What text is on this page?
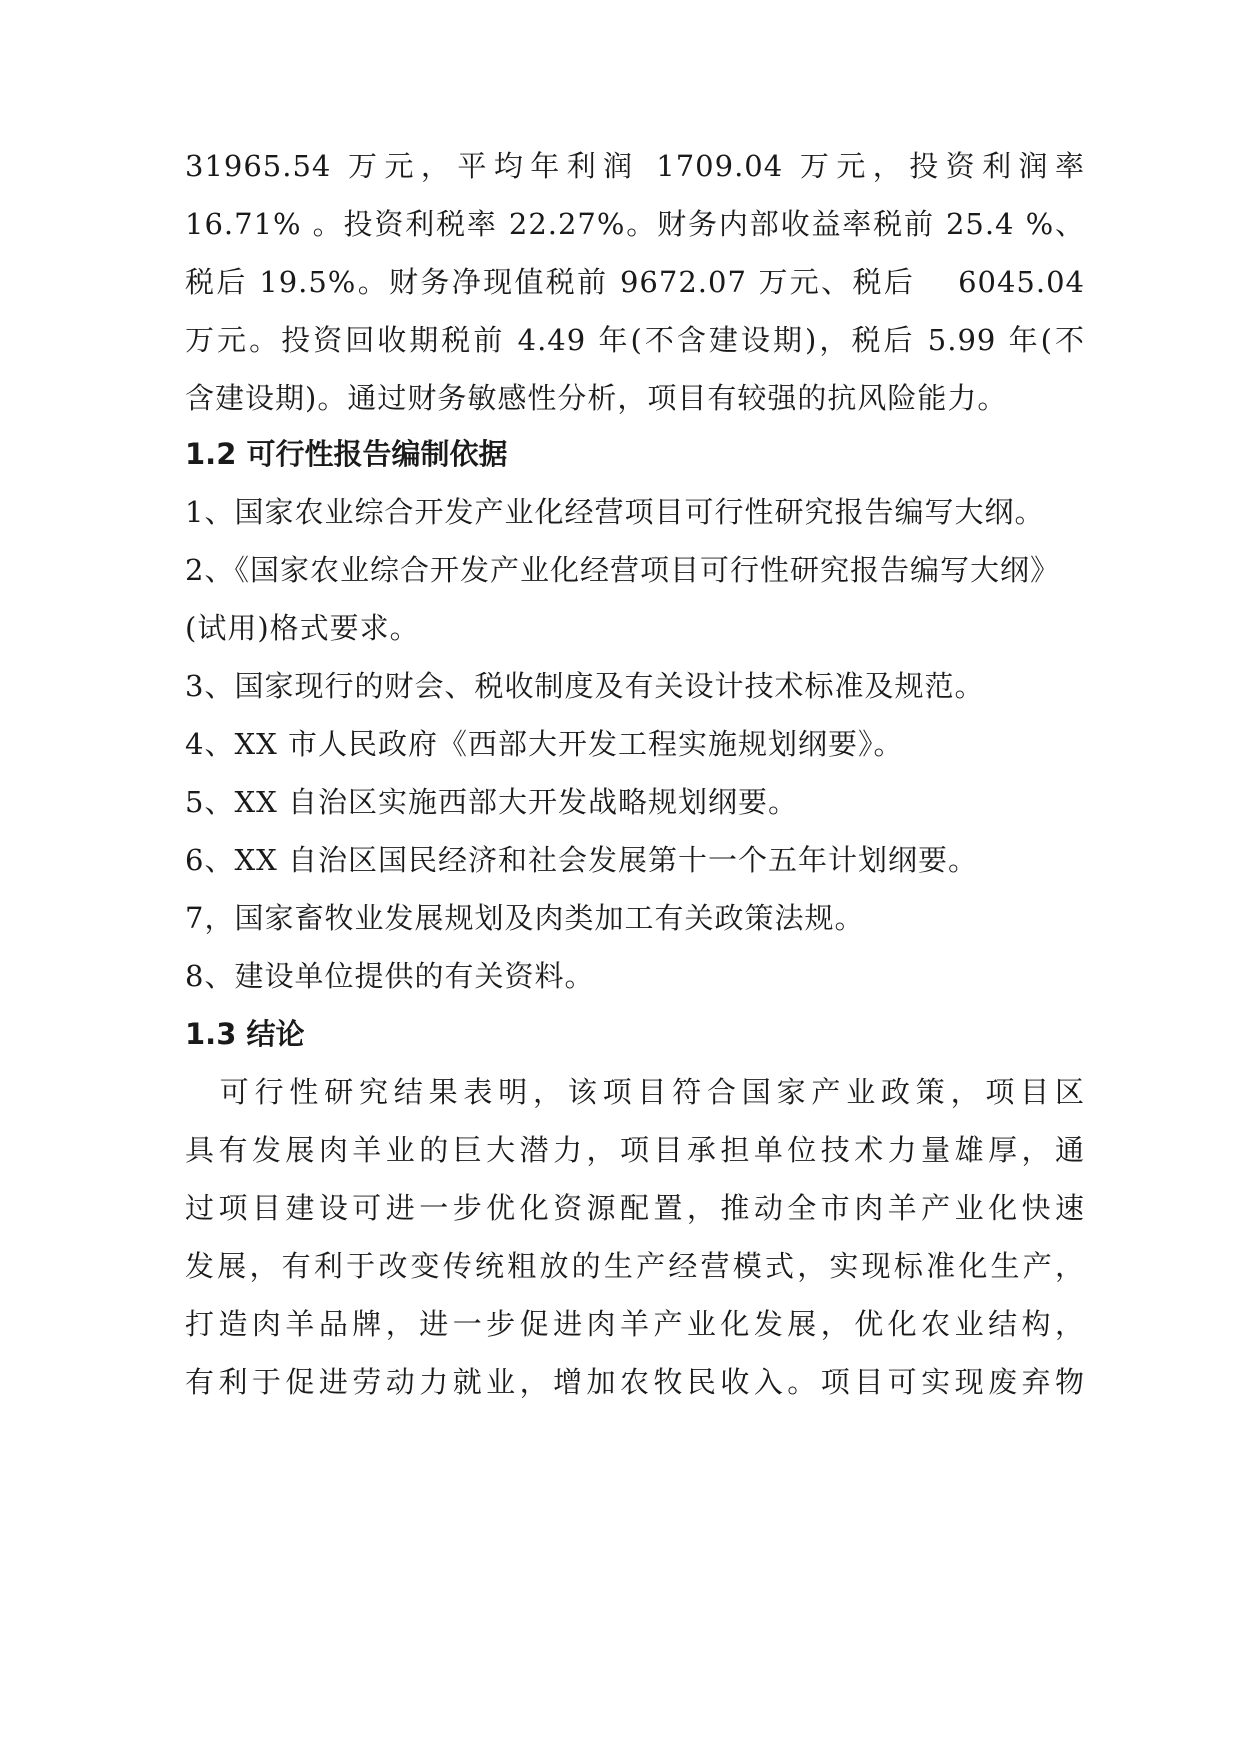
31965.54 万元，平均年利润 1709.04 万元，投资利润率
16.71% 。投资利税率 22.27%。财务内部收益率税前 25.4 %、
税后 19.5%。财务净现值税前 9672.07 万元、税后　 6045.04
万元。投资回收期税前 4.49 年(不含建设期)，税后 5.99 年(不
含建设期)。通过财务敏感性分析，项目有较强的抗风险能力。
1.2 可行性报告编制依据
1、国家农业综合开发产业化经营项目可行性研究报告编写大纲。
2、《国家农业综合开发产业化经营项目可行性研究报告编写大纲》
(试用)格式要求。
3、国家现行的财会、税收制度及有关设计技术标准及规范。
4、XX 市人民政府《西部大开发工程实施规划纲要》。
5、XX 自治区实施西部大开发战略规划纲要。
6、XX 自治区国民经济和社会发展第十一个五年计划纲要。
7，国家畜牧业发展规划及肉类加工有关政策法规。
8、建设单位提供的有关资料。
1.3 结论
　可行性研究结果表明，该项目符合国家产业政策，项目区
具有发展肉羊业的巨大潜力，项目承担单位技术力量雄厚，通
过项目建设可进一步优化资源配置，推动全市肉羊产业化快速
发展，有利于改变传统粗放的生产经营模式，实现标准化生产，
打造肉羊品牌，进一步促进肉羊产业化发展，优化农业结构，
有利于促进劳动力就业，增加农牧民收入。项目可实现废弃物
